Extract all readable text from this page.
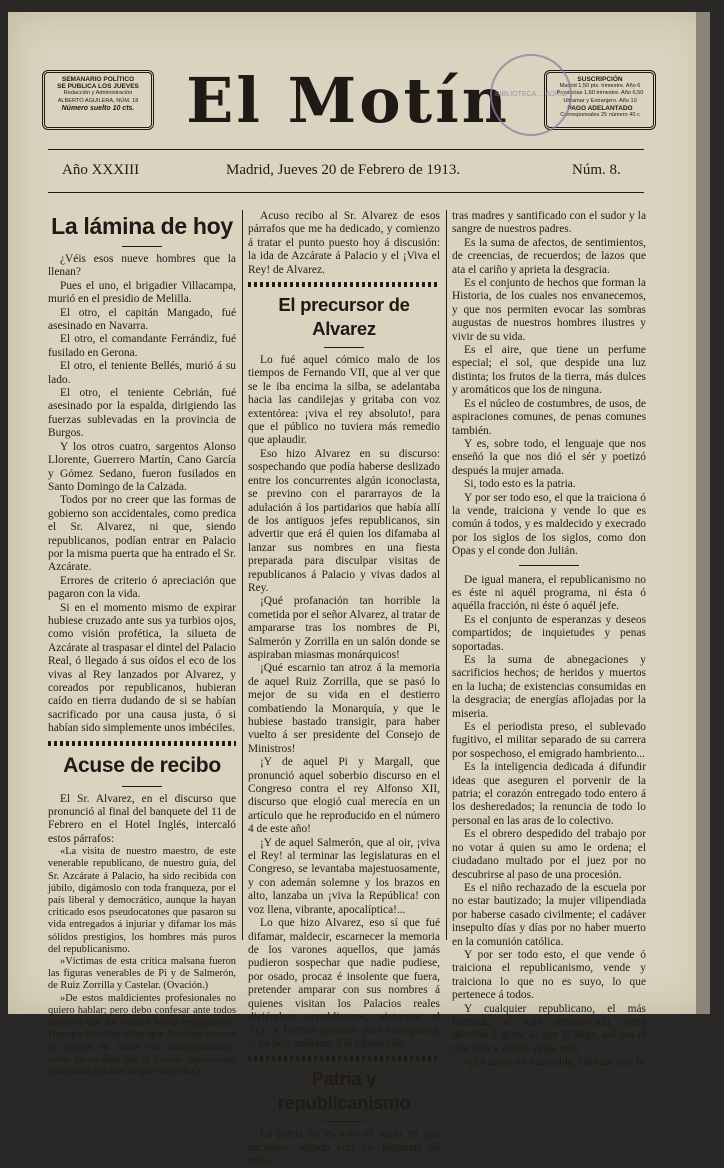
SEMANARIO POLÍTICO
SE PUBLICA LOS JUEVES
Redacción y Administración
ALBERTO AGUILERA, NÚM. 18
Número suelto 10 cts. El Motín	SUSCRIPCIÓN
Madrid 1,50 pts. trimestre. Año 6
Provincias 1,60 trimestre. Año 6,50
Ultramar y Extranjero. Año 10
PAGO ADELANTADO
Corresponsales 25 número 40 c
BIBLIOTECA ... ADRID
Año XXXIII	Madrid, Jueves 20 de Febrero de 1913.	Núm. 8.
La lámina de hoy

¿Véis esos nueve hombres que la llenan?

Pues el uno, el brigadier Villacampa, murió en el presidio de Melilla.

El otro, el capitán Mangado, fué asesinado en Navarra.

El otro, el comandante Ferrándiz, fué fusilado en Gerona.

El otro, el teniente Bellés, murió á su lado.

El otro, el teniente Cebrián, fué asesinado por la espalda, dirigiendo las fuerzas sublevadas en la provincia de Burgos.

Y los otros cuatro, sargentos Alonso Llorente, Guerrero Martín, Cano García y Gómez Sedano, fueron fusilados en Santo Domingo de la Calzada.

Todos por no creer que las formas de gobierno son accidentales, como predica el Sr. Alvarez, ni que, siendo republicanos, podían entrar en Palacio por la misma puerta que ha entrado el Sr. Azcárate.

Errores de criterio ó apreciación que pagaron con la vida.

Si en el momento mismo de expirar hubiese cruzado ante sus ya turbios ojos, como visión profética, la silueta de Azcárate al traspasar el dintel del Palacio Real, ó llegado á sus oídos el eco de los vivas al Rey lanzados por Alvarez, y coreados por republicanos, hubieran caído en tierra dudando de si se habían sacrificado por una causa justa, ó si habían sido simplemente unos imbéciles.

Acuse de recibo

El Sr. Alvarez, en el discurso que pronunció al final del banquete del 11 de Febrero en el Hotel Inglés, intercaló estos párrafos:

«La visita de nuestro maestro, de este venerable republicano, de nuestro guía, del Sr. Azcárate á Palacio, ha sido recibida con júbilo, digámoslo con toda franqueza, por el país liberal y democrático, aunque la hayan criticado esos pseudocatones que pasaron su vida entregados á injuriar y difamar los más sólidos prestigios, los hombres más puros del republicanismo.

»Víctimas de esta crítica malsana fueron las figuras venerables de Pi y de Salmerón, de Ruiz Zorrilla y Castelar. (Ovación.)

»De estos maldicientes profesionales no quiero hablar; pero debo confesar ante todos vosotros que me causan honda repugnancia. Hay que hacerles saber que Azcárate merece el respeto de todos sus correligionarios, como yo os digo que el partido republicano reformista aplaude lo que ha hecho.»

Acuso recibo al Sr. Alvarez de esos párrafos que me ha dedicado, y comienzo á tratar el punto puesto hoy á discusión: la ida de Azcárate á Palacio y el ¡Viva el Rey! de Alvarez.

El precursor de Alvarez

Lo fué aquel cómico malo de los tiempos de Fernando VII, que al ver que se le iba encima la silba, se adelantaba hacia las candilejas y gritaba con voz extentórea: ¡viva el rey absoluto!, para que el público no tuviera más remedio que aplaudir.

Eso hizo Alvarez en su discurso: sospechando que podía haberse deslizado entre los concurrentes algún iconoclasta, se previno con el pararrayos de la adulación á los partidarios que había allí de los antiguos jefes republicanos, sin advertir que erá él quien los difamaba al lanzar sus nombres en una fiesta preparada para disculpar visitas de republicanos á Palacio y vivas dados al Rey.

¡Qué profanación tan horrible la cometida por el señor Alvarez, al tratar de ampararse tras los nombres de Pi, Salmerón y Zorrilla en un salón donde se aspiraban miasmas monárquicos!

¡Qué escarnio tan atroz á la memoria de aquel Ruiz Zorrilla, que se pasó lo mejor de su vida en el destierro combatiendo la Monarquía, y que le hubiese bastado transigir, para haber vuelto á ser presidente del Consejo de Ministros!

¡Y de aquel Pi y Margall, que pronunció aquel soberbio discurso en el Congreso contra el rey Alfonso XII, discurso que elogió cual merecía en un artículo que he reproducido en el número 4 de este año!

¡Y de aquel Salmerón, que al oir, ¡viva el Rey! al terminar las legislaturas en el Congreso, se levantaba majestuosamente, y con ademán solemne y los brazos en alto, lanzaba un ¡viva la República! con voz llena, vibrante, apocalíptica!...

Lo que hizo Alvarez, eso sí que fué difamar, maldecir, escarnecer la memoria de los varones aquellos, que jamás pudieron sospechar que nadie pudiese, por osado, procaz é insolente que fuera, pretender amparar con sus nombres á quienes visitan los Palacios reales diciéndose republicanos, victorean al Rey, y forman partidos para entregarlos, si no hoy, mañana, á la Monarquía.

Patria y republicanismo

La patria no es sólo el suelo en que nacemos, regado con las lágrimas de nues-

tras madres y santificado con el sudor y la sangre de nuestros padres.

Es la suma de afectos, de sentimientos, de creencias, de recuerdos; de lazos que ata el cariño y aprieta la desgracia.

Es el conjunto de hechos que forman la Historia, de los cuales nos envanecemos, y que nos permiten evocar las sombras augustas de nuestros hombres ilustres y vivir de su vida.

Es el aire, que tiene un perfume especial; el sol, que despide una luz distinta; los frutos de la tierra, más dulces y aromáticos que los de ninguna.

Es el núcleo de costumbres, de usos, de aspiraciones comunes, de penas comunes también.

Y es, sobre todo, el lenguaje que nos enseñó la que nos dió el sér y poetizó después la mujer amada.

Si, todo esto es la patria.

Y por ser todo eso, el que la traiciona ó la vende, traiciona y vende lo que es común á todos, y es maldecido y execrado por los siglos de los siglos, como don Opas y el conde don Julián.

De igual manera, el republicanismo no es éste ni aquél programa, ni ésta ó aquélla fracción, ni éste ó aquél jefe.

Es el conjunto de esperanzas y deseos compartidos; de inquietudes y penas soportadas.

Es la suma de abnegaciones y sacrificios hechos; de heridos y muertos en la lucha; de existencias consumidas en la desgracia; de energías aflojadas por la miseria.

Es el periodista preso, el sublevado fugitivo, el militar separado de su carrera por sospechoso, el emigrado hambriento...

Es la inteligencia dedicada á difundir ideas que aseguren el porvenir de la patria; el corazón entregado todo entero á los desheredados; la renuncia de todo lo personal en las aras de lo colectivo.

Es el obrero despedido del trabajo por no votar á quien su amo le ordena; el ciudadano multado por el juez por no descubrirse al paso de una procesión.

Es el niño rechazado de la escuela por no estar bautizado; la mujer vilipendiada por haberse casado civilmente; el cadáver insepulto días y días por no haber muerto en la comunión católica.

Y por ser todo esto, el que vende ó traiciona el republicanismo, vende y traiciona lo que no es suyo, lo que pertenece á todos.

Y cualquier republicano, el más humilde, el más desconocido, tiene derecho á gritar al que lo haga, así sea el más alto y el que valga más:

«¡Es usted un miserable, cúbrase con la
